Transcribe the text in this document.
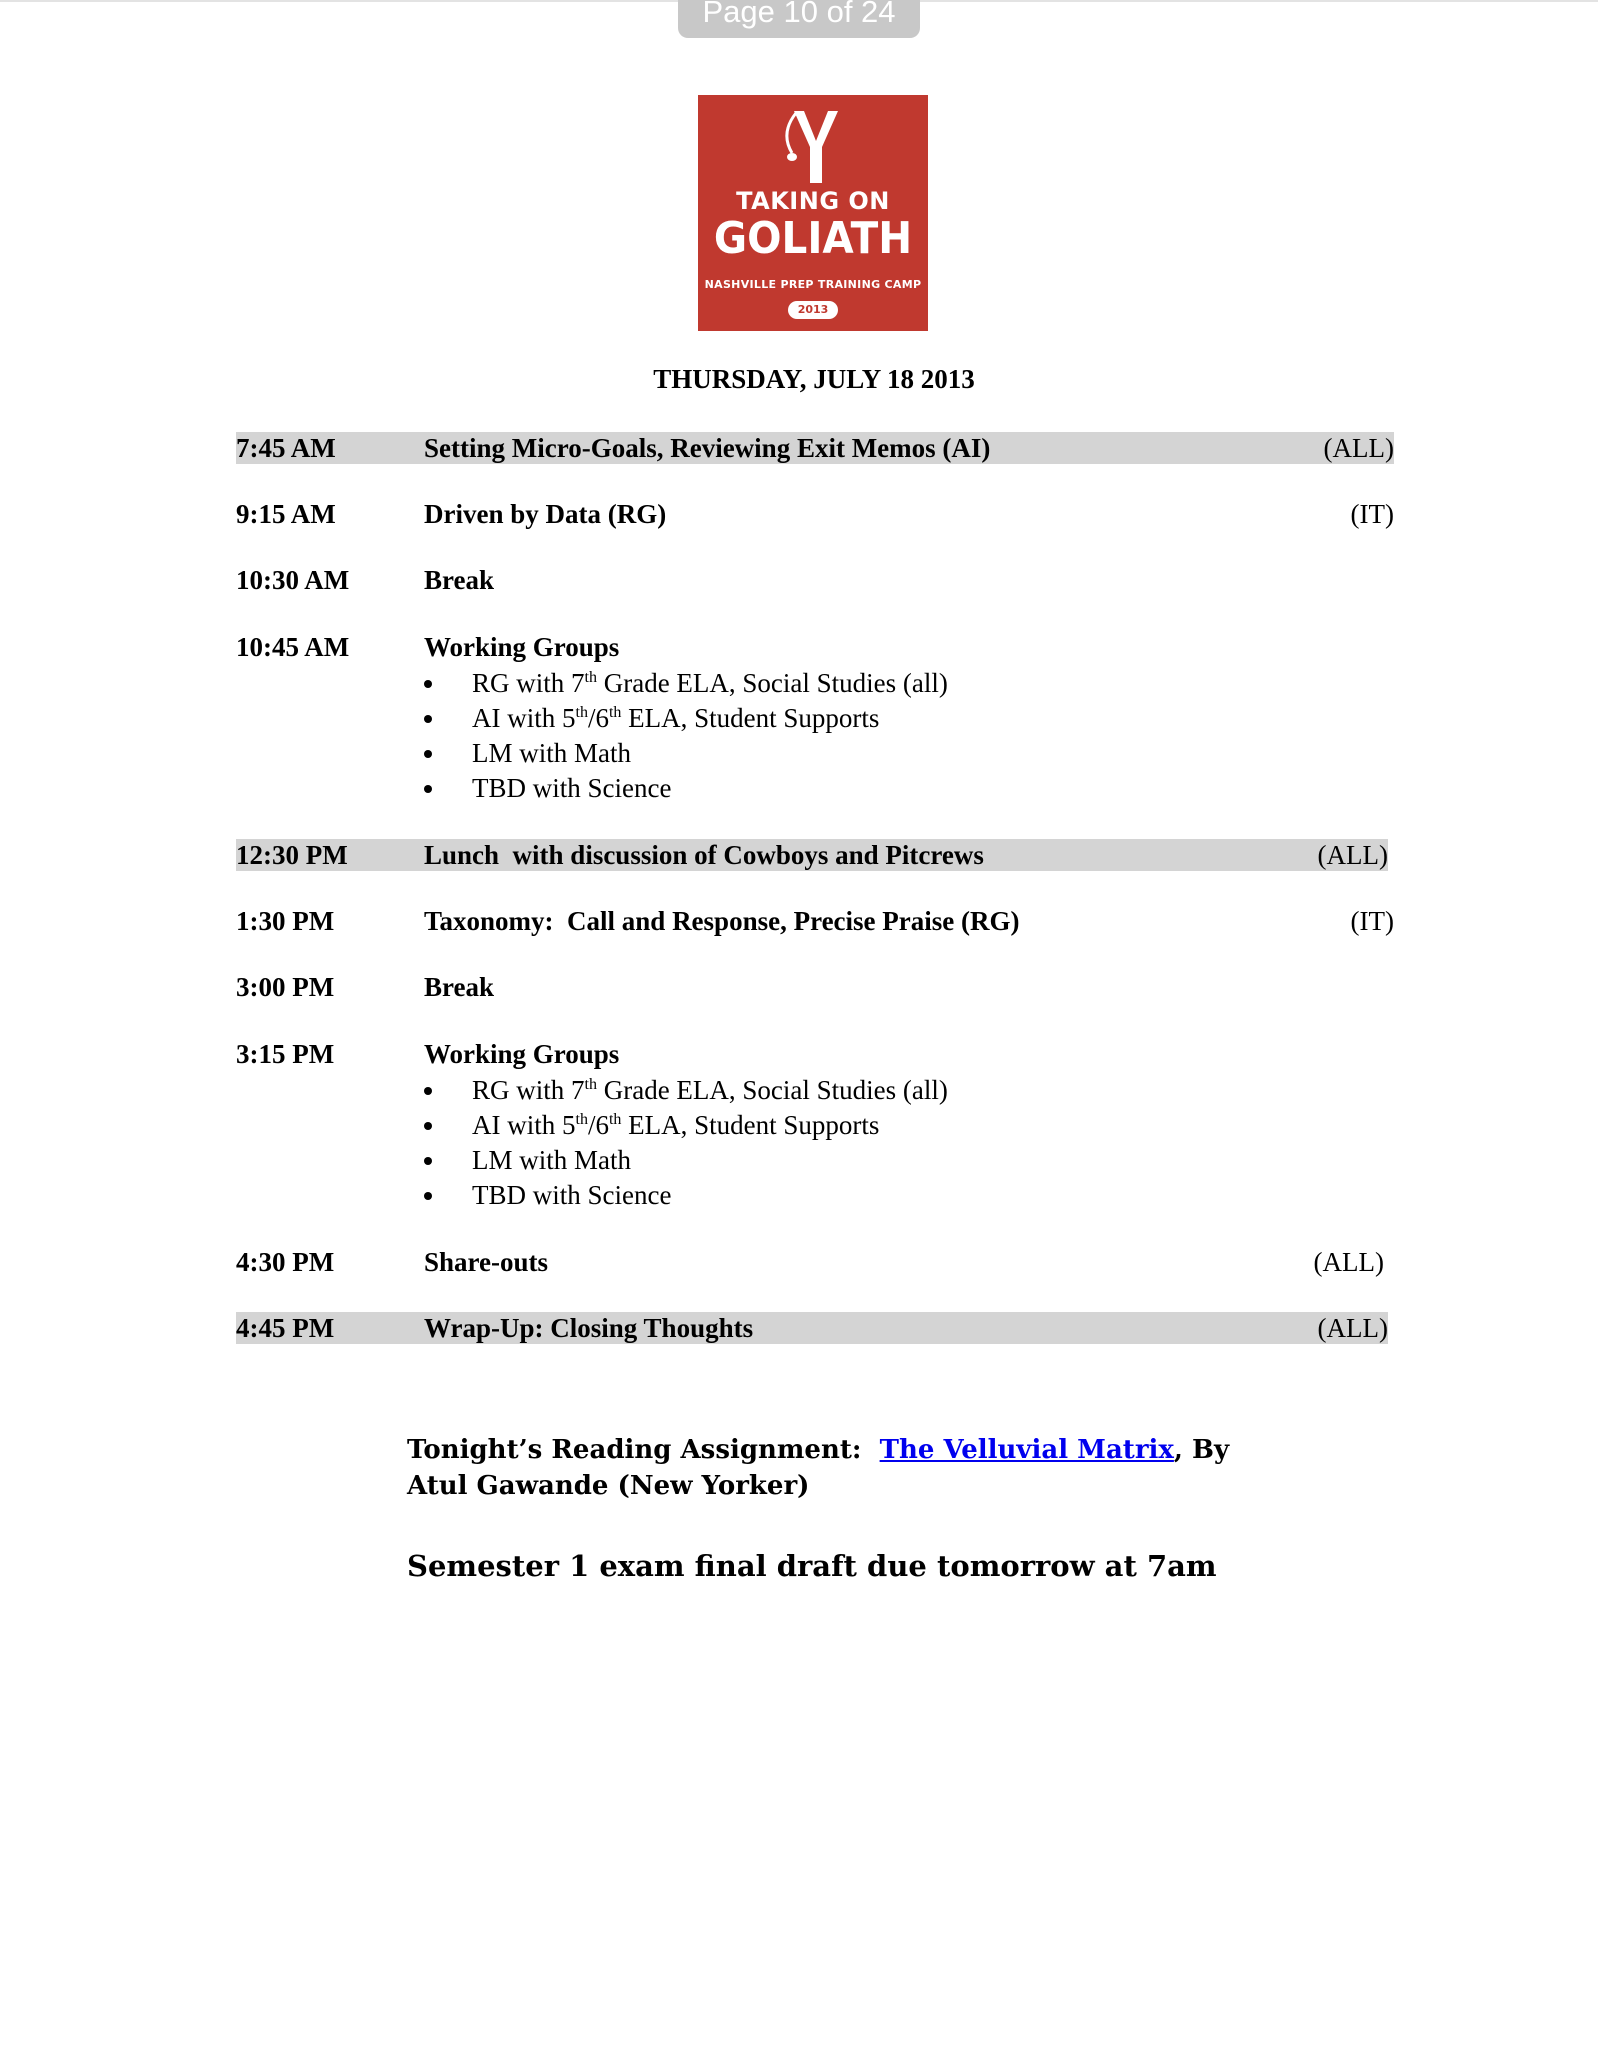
Page 10 of 24
TAKING ON
GOLIATH
NASHVILLE PREP TRAINING CAMP
2013
THURSDAY, JULY 18 2013
7:45 AM	Setting Micro-Goals, Reviewing Exit Memos (AI)	(ALL)
9:15 AM	Driven by Data (RG)	(IT)
10:30 AM	Break
10:45 AM	Working Groups
RG with 7th Grade ELA, Social Studies (all)
AI with 5th/6th ELA, Student Supports
LM with Math
TBD with Science
12:30 PM	Lunch  with discussion of Cowboys and Pitcrews	(ALL)
1:30 PM	Taxonomy:  Call and Response, Precise Praise (RG)	(IT)
3:00 PM	Break
3:15 PM	Working Groups
RG with 7th Grade ELA, Social Studies (all)
AI with 5th/6th ELA, Student Supports
LM with Math
TBD with Science
4:30 PM	Share-outs	(ALL)
4:45 PM	Wrap-Up: Closing Thoughts	(ALL)
Tonight’s Reading Assignment: The Velluvial Matrix, By
Atul Gawande (New Yorker)
Semester 1 exam final draft due tomorrow at 7am
